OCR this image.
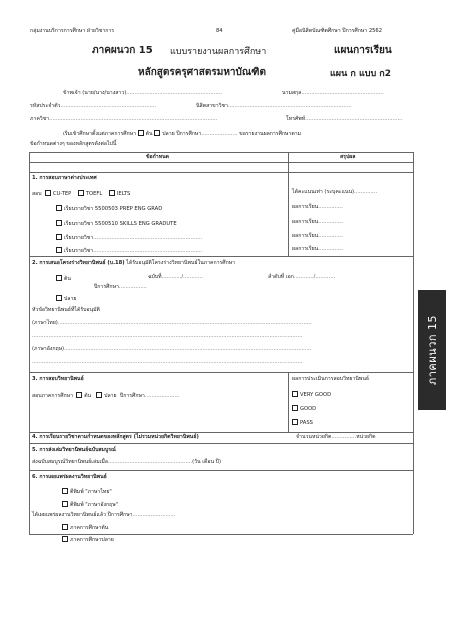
กลุ่มงานบริการการศึกษา ฝ่ายวิชาการ	84	คู่มือนิสิตบัณฑิตศึกษา ปีการศึกษา 2562
ภาคผนวก 15 แบบรายงานผลการศึกษา	แผนการเรียน
หลักสูตรครุศาสตรมหาบัณฑิต	แผน ก แบบ ก2
ข้าพเจ้า (นาย/นาง/นางสาว)..........................................................	นามสกุล..................................................
รหัสประจำตัว..........................................................	นิสิตสาขาวิชา...........................................................................
ภาควิชา......................................................................................................	โทรศัพท์...........................................................
เริ่มเข้าศึกษาตั้งแต่ภาคการศึกษา ต้น ปลาย ปีการศึกษา...................... ขอรายงานผลการศึกษาตาม
ข้อกำหนดต่างๆ ของหลักสูตรดังต่อไปนี้
ข้อกำหนด	สรุปผล
1. การสอบภาษาต่างประเทศ
สอบ CU-TEP	TOEFL	IELTS	ได้คะแนนเท่า (ระบุคะแนน)..............
เรียนรายวิชา 5500503 PREP ENG GRAD	ผลการเรียน...............
เรียนรายวิชา 5500510 SKILLS ENG GRADUTE	ผลการเรียน...............
เรียนรายวิชา..................................................................	ผลการเรียน...............
เรียนรายวิชา..................................................................	ผลการเรียน...............
2. การเสนอโครงร่างวิทยานิพนธ์ (บ.18) ได้รับอนุมัติโครงร่างวิทยานิพนธ์ในภาคการศึกษา
ต้น	ฉบับที่............/............	ลำดับที่ เอก............/............
ปีการศึกษา.................
ปลาย
หัวข้อวิทยานิพนธ์ที่ได้รับอนุมัติ
(ภาษาไทย)..........................................................................................................................................................
....................................................................................................................................................................
(ภาษาอังกฤษ)......................................................................................................................................................
....................................................................................................................................................................
3. การสอบวิทยานิพนธ์
สอบภาคการศึกษา ต้น ปลาย ปีการศึกษา.....................
ผลการประเมินการสอบวิทยานิพนธ์
VERY GOOD
GOOD
PASS
4. การเรียนรายวิชาตามกำหนดของหลักสูตร (ไม่รวมหน่วยกิตวิทยานิพนธ์)	จำนวนหน่วยกิต...............หน่วยกิต
5. การส่งเล่มวิทยานิพนธ์ฉบับสมบูรณ์
ส่งฉบับสมบูรณ์วิทยานิพนธ์เล่มเมื่อ...................................................(วัน เดือน ปี)
6. การเผยแพร่ผลงานวิทยานิพนธ์
ตีพิมพ์ "ภาษาไทย"
ตีพิมพ์ "ภาษาอังกฤษ"
ได้เผยแพร่ผลงานวิทยานิพนธ์แล้ว ปีการศึกษา..........................
ภาคการศึกษาต้น
ภาคการศึกษาปลาย
ภาคผนวก 15
